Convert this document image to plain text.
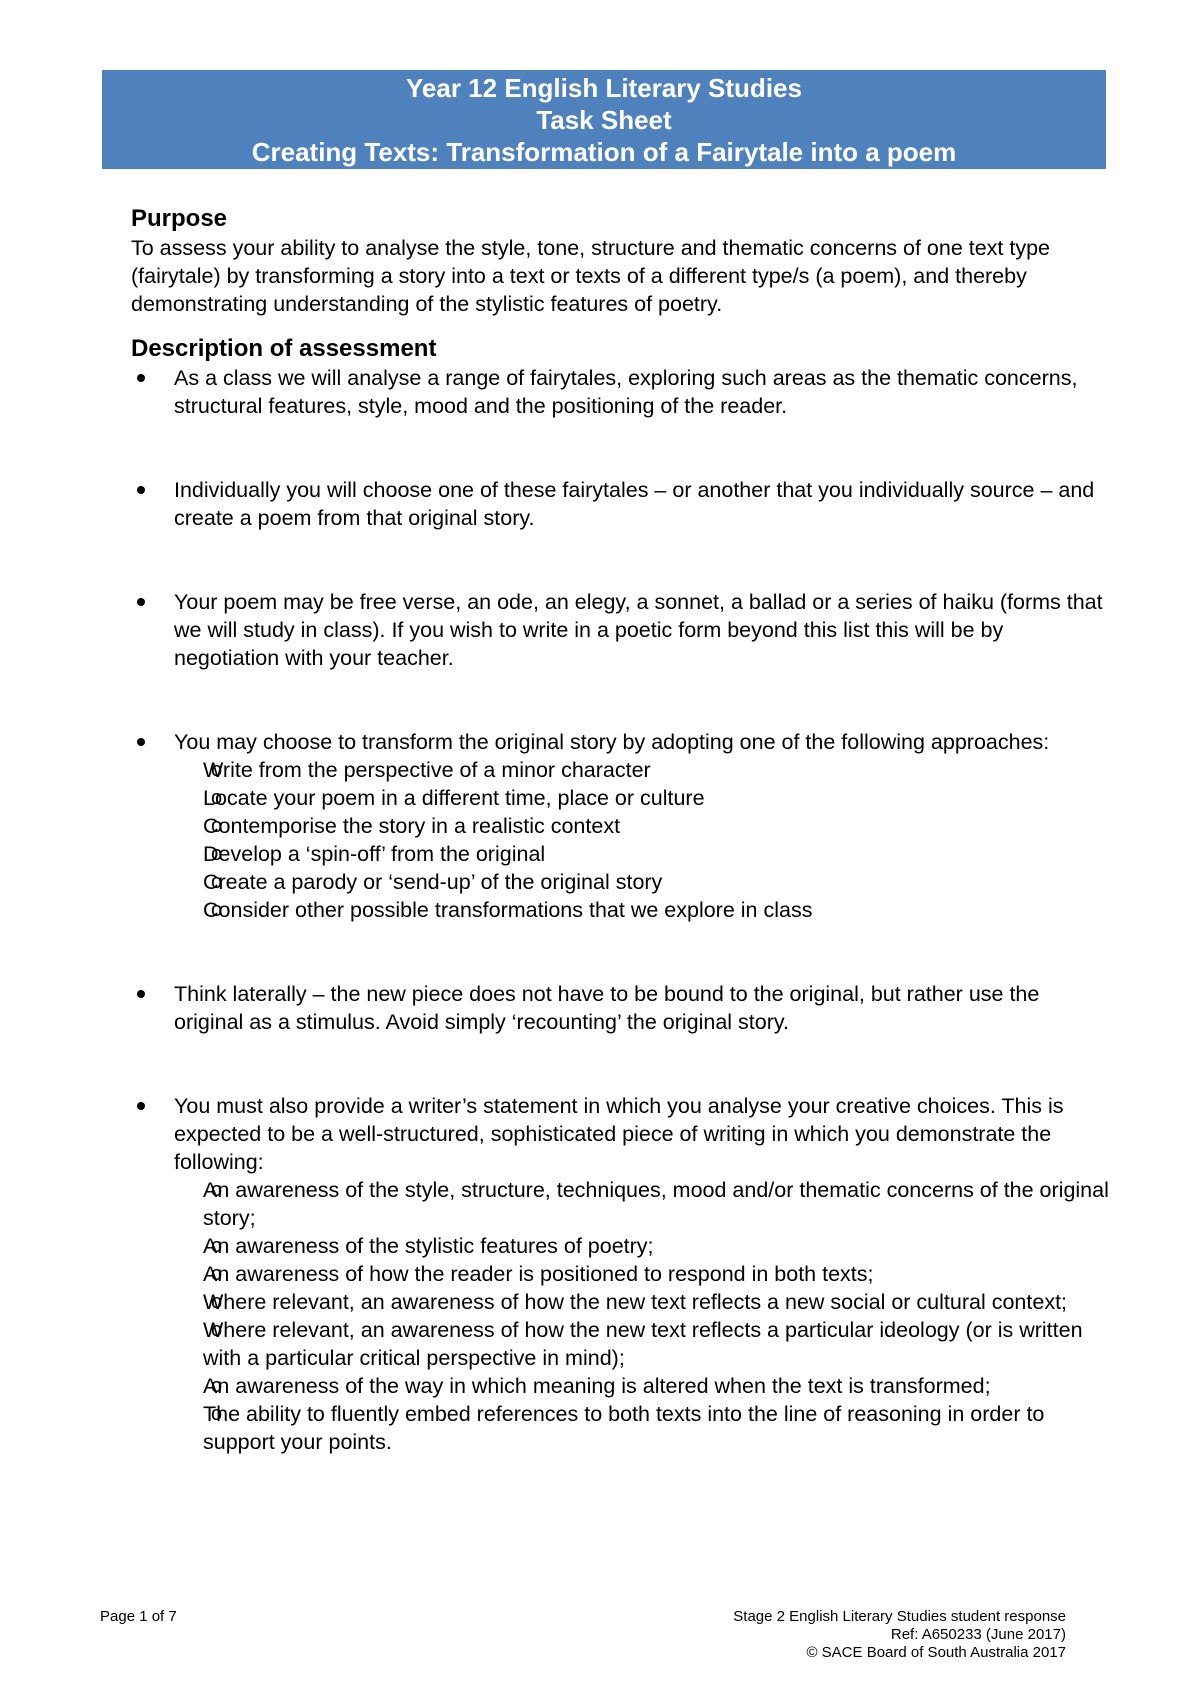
Year 12 English Literary Studies
Task Sheet
Creating Texts: Transformation of a Fairytale into a poem
Purpose

To assess your ability to analyse the style, tone, structure and thematic concerns of one text type (fairytale) by transforming a story into a text or texts of a different type/s (a poem), and thereby demonstrating understanding of the stylistic features of poetry.

Description of assessment
As a class we will analyse a range of fairytales, exploring such areas as the thematic concerns, structural features, style, mood and the positioning of the reader.
Individually you will choose one of these fairytales – or another that you individually source – and create a poem from that original story.
Your poem may be free verse, an ode, an elegy, a sonnet, a ballad or a series of haiku (forms that we will study in class). If you wish to write in a poetic form beyond this list this will be by negotiation with your teacher.
You may choose to transform the original story by adopting one of the following approaches:
o Write from the perspective of a minor character
o Locate your poem in a different time, place or culture
o Contemporise the story in a realistic context
o Develop a ‘spin-off’ from the original
o Create a parody or ‘send-up’ of the original story
o Consider other possible transformations that we explore in class
Think laterally – the new piece does not have to be bound to the original, but rather use the original as a stimulus. Avoid simply ‘recounting’ the original story.
You must also provide a writer’s statement in which you analyse your creative choices. This is expected to be a well-structured, sophisticated piece of writing in which you demonstrate the following:
o An awareness of the style, structure, techniques, mood and/or thematic concerns of the original story;
o An awareness of the stylistic features of poetry;
o An awareness of how the reader is positioned to respond in both texts;
o Where relevant, an awareness of how the new text reflects a new social or cultural context;
o Where relevant, an awareness of how the new text reflects a particular ideology (or is written with a particular critical perspective in mind);
o An awareness of the way in which meaning is altered when the text is transformed;
o The ability to fluently embed references to both texts into the line of reasoning in order to support your points.
Page 1 of 7	Stage 2 English Literary Studies student response
Ref: A650233 (June 2017)
© SACE Board of South Australia 2017
